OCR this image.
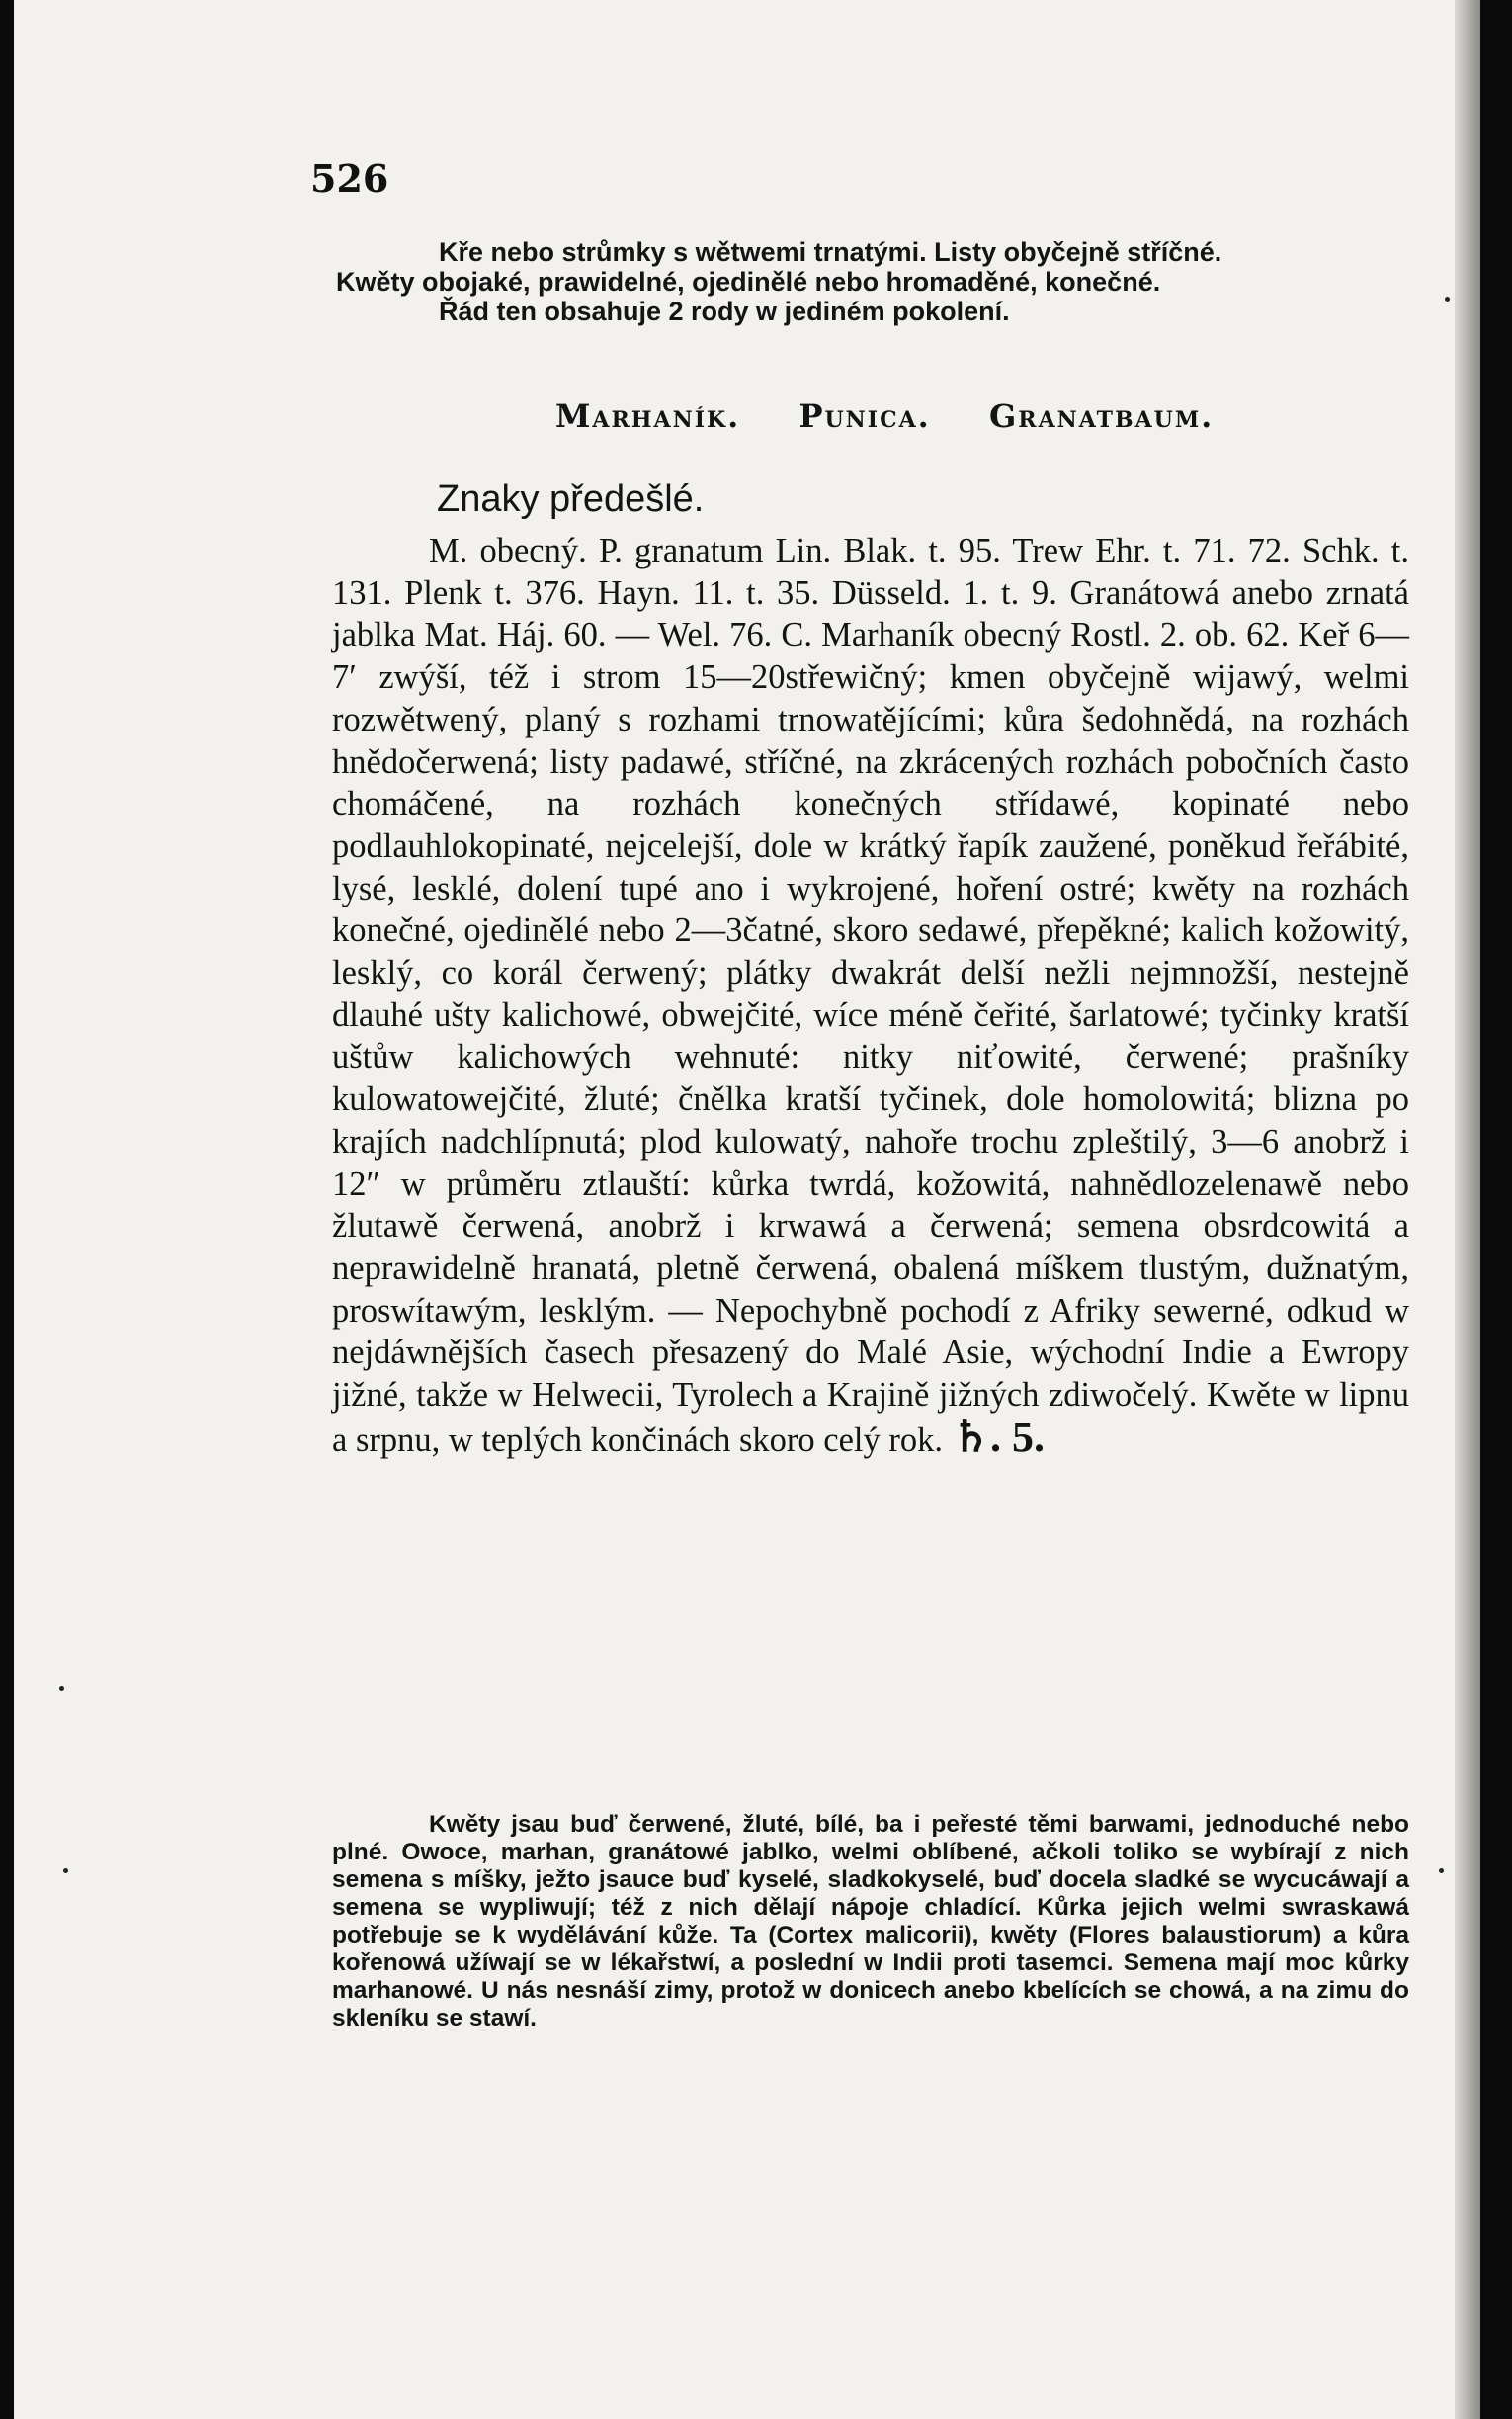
526

Kře nebo strůmky s wětwemi trnatými. Listy obyčejně stříčné.

Kwěty obojaké, prawidelné, ojedinělé nebo hromaděné, konečné.

Řád ten obsahuje 2 rody w jediném pokolení.

Marhaník. Punica. Granatbaum.
Znaky předešlé.

M. obecný. P. granatum Lin. Blak. t. 95. Trew Ehr. t. 71. 72. Schk. t. 131. Plenk t. 376. Hayn. 11. t. 35. Düsseld. 1. t. 9. Granátowá anebo zrnatá jablka Mat. Háj. 60. — Wel. 76. C. Marhaník obecný Rostl. 2. ob. 62. Keř 6—7′ zwýší, též i strom 15—20střewičný; kmen obyčejně wijawý, welmi rozwětwený, planý s rozhami trnowatějícími; kůra šedohnědá, na rozhách hnědočerwená; listy padawé, stříčné, na zkrácených rozhách pobočních často chomáčené, na rozhách konečných střídawé, kopinaté nebo podlauhlokopinaté, nejcelejší, dole w krátký řapík zaužené, poněkud řeřábité, lysé, lesklé, dolení tupé ano i wykrojené, hoření ostré; kwěty na rozhách konečné, ojedinělé nebo 2—3čatné, skoro sedawé, přepěkné; kalich kožowitý, lesklý, co korál čerwený; plátky dwakrát delší nežli nejmnožší, nestejně dlauhé ušty kalichowé, obwejčité, wíce méně čeřité, šarlatowé; tyčinky kratší uštůw kalichowých wehnuté: nitky niťowité, čerwené; prašníky kulowatowejčité, žluté; čnělka kratší tyčinek, dole homolowitá; blizna po krajích nadchlípnutá; plod kulowatý, nahoře trochu zpleštilý, 3—6 anobrž i 12″ w průměru ztlauští: kůrka twrdá, kožowitá, nahnědlozelenawě nebo žlutawě čerwená, anobrž i krwawá a čerwená; semena obsrdcowitá a neprawidelně hranatá, pletně čerwená, obalená míškem tlustým, dužnatým, proswítawým, lesklým. — Nepochybně pochodí z Afriky sewerné, odkud w nejdáwnějších časech přesazený do Malé Asie, wýchodní Indie a Ewropy jižné, takže w Helwecii, Tyrolech a Krajině jižných zdiwočelý. Kwěte w lipnu a srpnu, w teplých končinách skoro celý rok. ♄. 5.

Kwěty jsau buď čerwené, žluté, bílé, ba i peřesté těmi barwami, jednoduché nebo plné. Owoce, marhan, granátowé jablko, welmi oblíbené, ačkoli toliko se wybírají z nich semena s míšky, ježto jsauce buď kyselé, sladkokyselé, buď docela sladké se wycucáwají a semena se wypliwují; též z nich dělají nápoje chladící. Kůrka jejich welmi swraskawá potřebuje se k wydělávání kůže. Ta (Cortex malicorii), kwěty (Flores balaustiorum) a kůra kořenowá užíwají se w lékařstwí, a poslední w Indii proti tasemci. Semena mají moc kůrky marhanowé. U nás nesnáší zimy, protož w donicech anebo kbelících se chowá, a na zimu do skleníku se stawí.
